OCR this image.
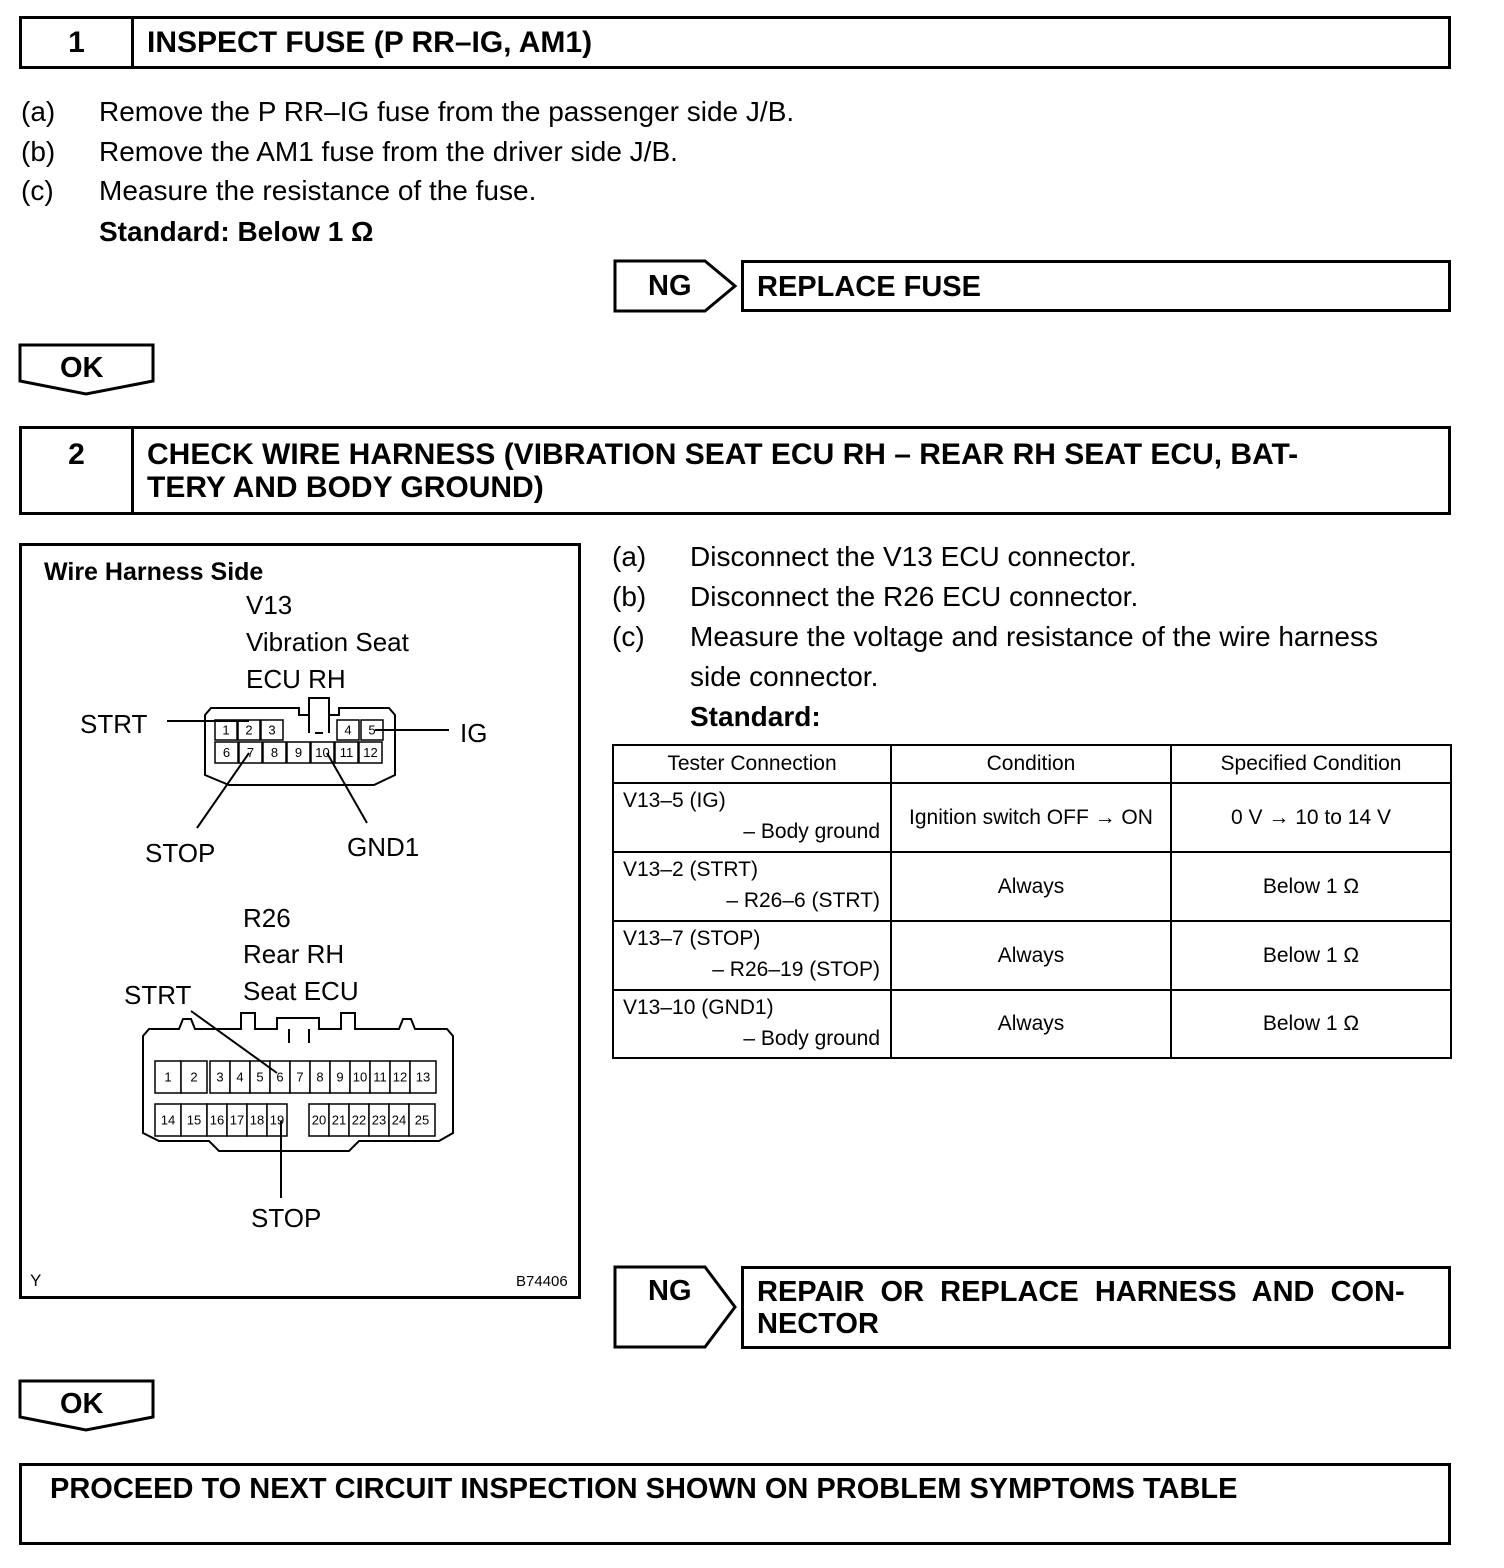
1	INSPECT FUSE (P RR–IG, AM1)
(a) Remove the P RR–IG fuse from the passenger side J/B.
(b) Remove the AM1 fuse from the driver side J/B.
(c) Measure the resistance of the fuse.
Standard: Below 1 Ω
NG REPLACE FUSE
OK
2	CHECK WIRE HARNESS (VIBRATION SEAT ECU RH – REAR RH SEAT ECU, BAT-
TERY AND BODY GROUND)
Wire Harness Side
V13
Vibration Seat
ECU RH
STRT	IG
STOP	GND1
R26
Rear RH
Seat ECU
STRT
STOP
Y	B74406
1 2 3	4 5
6 7 8 9 10 11 12
1 2 3 4 5 6 7 8 9 10 11 12 13
14 15 16 17 18 19 20 21 22 23 24 25
(a) Disconnect the V13 ECU connector.
(b) Disconnect the R26 ECU connector.
(c) Measure the voltage and resistance of the wire harness
side connector.
Standard:
Tester Connection	Condition	Specified Condition

V13–5 (IG)
– Body ground	Ignition switch OFF → ON	0 V → 10 to 14 V

V13–2 (STRT)
– R26–6 (STRT)	Always	Below 1 Ω

V13–7 (STOP)
– R26–19 (STOP)	Always	Below 1 Ω

V13–10 (GND1)
– Body ground	Always	Below 1 Ω
NG REPAIR  OR  REPLACE  HARNESS  AND  CON-
NECTOR
OK
PROCEED TO NEXT CIRCUIT INSPECTION SHOWN ON PROBLEM SYMPTOMS TABLE
